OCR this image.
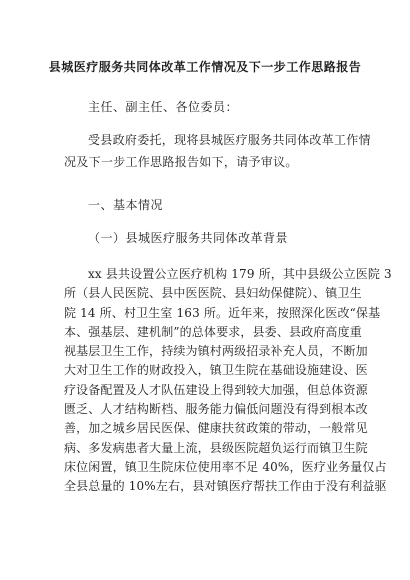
县城医疗服务共同体改革工作情况及下一步工作思路报告
主任、副主任、各位委员：
受县政府委托，现将县城医疗服务共同体改革工作情
况及下一步工作思路报告如下，请予审议。
一、基本情况
（一）县城医疗服务共同体改革背景
xx 县共设置公立医疗机构 179 所，其中县级公立医院 3
所（县人民医院、县中医医院、县妇幼保健院）、镇卫生
院 14 所、村卫生室 163 所。近年来，按照深化医改“保基
本、强基层、建机制”的总体要求，县委、县政府高度重
视基层卫生工作，持续为镇村两级招录补充人员，不断加
大对卫生工作的财政投入，镇卫生院在基础设施建设、医
疗设备配置及人才队伍建设上得到较大加强，但总体资源
匮乏、人才结构断档、服务能力偏低问题没有得到根本改
善，加之城乡居民医保、健康扶贫政策的带动，一般常见
病、多发病患者大量上流，县级医院超负运行而镇卫生院
床位闲置，镇卫生院床位使用率不足 40%，医疗业务量仅占
全县总量的 10%左右，县对镇医疗帮扶工作由于没有利益驱
